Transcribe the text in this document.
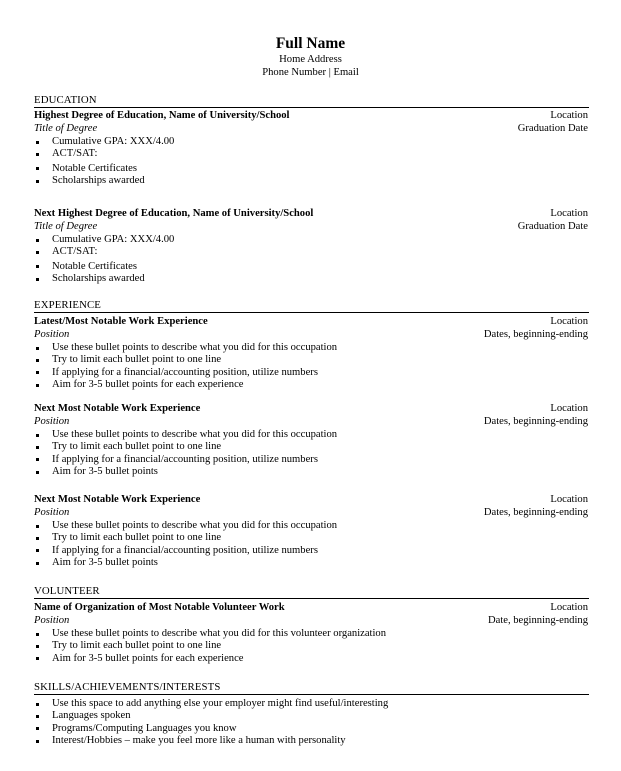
Full Name
Home Address
Phone Number | Email
EDUCATION
Highest Degree of Education, Name of University/School	Location
Title of Degree	Graduation Date
Cumulative GPA: XXX/4.00
ACT/SAT:
Notable Certificates
Scholarships awarded
Next Highest Degree of Education, Name of University/School	Location
Title of Degree	Graduation Date
Cumulative GPA: XXX/4.00
ACT/SAT:
Notable Certificates
Scholarships awarded
EXPERIENCE
Latest/Most Notable Work Experience	Location
Position	Dates, beginning-ending
Use these bullet points to describe what you did for this occupation
Try to limit each bullet point to one line
If applying for a financial/accounting position, utilize numbers
Aim for 3-5 bullet points for each experience
Next Most Notable Work Experience	Location
Position	Dates, beginning-ending
Use these bullet points to describe what you did for this occupation
Try to limit each bullet point to one line
If applying for a financial/accounting position, utilize numbers
Aim for 3-5 bullet points
Next Most Notable Work Experience	Location
Position	Dates, beginning-ending
Use these bullet points to describe what you did for this occupation
Try to limit each bullet point to one line
If applying for a financial/accounting position, utilize numbers
Aim for 3-5 bullet points
VOLUNTEER
Name of Organization of Most Notable Volunteer Work	Location
Position	Date, beginning-ending
Use these bullet points to describe what you did for this volunteer organization
Try to limit each bullet point to one line
Aim for 3-5 bullet points for each experience
SKILLS/ACHIEVEMENTS/INTERESTS
Use this space to add anything else your employer might find useful/interesting
Languages spoken
Programs/Computing Languages you know
Interest/Hobbies – make you feel more like a human with personality
